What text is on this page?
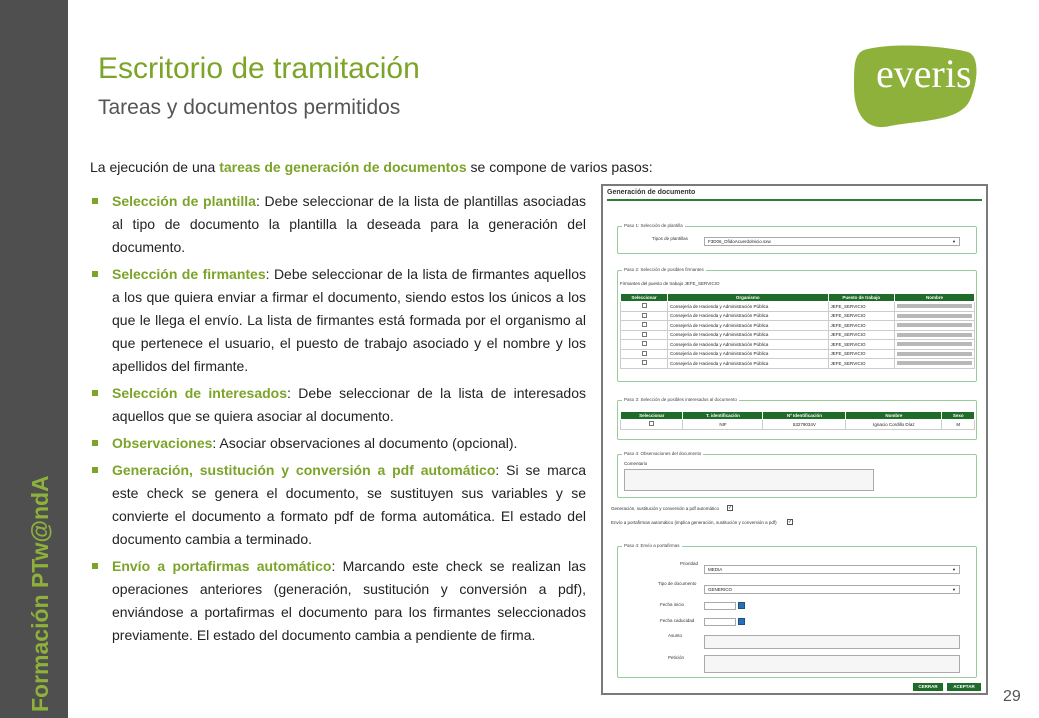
Formación PTw@ndA
Escritorio de tramitación
Tareas y documentos permitidos
everis
La ejecución de una tareas de generación de documentos se compone de varios pasos:
Selección de plantilla: Debe seleccionar de la lista de plantillas asociadas al tipo de documento la plantilla la deseada para la generación del documento.
Selección de firmantes: Debe seleccionar de la lista de firmantes aquellos a los que quiera enviar a firmar el documento, siendo estos los únicos a los que le llega el envío. La lista de firmantes está formada por el organismo al que pertenece el usuario, el puesto de trabajo asociado y el nombre y los apellidos del firmante.
Selección de interesados: Debe seleccionar de la lista de interesados aquellos que se quiera asociar al documento.
Observaciones: Asociar observaciones al documento (opcional).
Generación, sustitución y conversión a pdf automático: Si se marca este check se genera el documento, se sustituyen sus variables y se convierte el documento a formato pdf de forma automática. El estado del documento cambia a terminado.
Envío a portafirmas automático: Marcando este check se realizan las operaciones anteriores (generación, sustitución y conversión a pdf), enviándose a portafirmas el documento para los firmantes seleccionados previamente. El estado del documento cambia a pendiente de firma.
29
Generación de documento
Paso 1: Selección de plantilla
Tipos de plantillas
F3D06_OfidoAcuerdolnicio.sxw	▼
Paso 2: Selección de posibles firmantes
Firmantes del puesto de trabajo JEFE_SERVICIO
Seleccionar	Organismo	Puesto de trabajo	Nombre
	Consejería de Hacienda y Administración Pública	JEFE_SERVICIO	

	Consejería de Hacienda y Administración Pública	JEFE_SERVICIO	

	Consejería de Hacienda y Administración Pública	JEFE_SERVICIO	

	Consejería de Hacienda y Administración Pública	JEFE_SERVICIO	

	Consejería de Hacienda y Administración Pública	JEFE_SERVICIO	

	Consejería de Hacienda y Administración Pública	JEFE_SERVICIO	

	Consejería de Hacienda y Administración Pública	JEFE_SERVICIO	
Paso 3: Selección de posibles interesados al documento
Seleccionar	T. identificación	Nº Identificación	Nombre	Sexo
	NIF	53279034V	Ignacio Cordillo Díaz	M
Paso 4: Observaciones del documento
Comentario
Generación, sustitución y conversión a pdf automático ✓
Envío a portafirmas automático (implica generación, sustitución y conversión a pdf) ✓
Paso 4: Envío a portafirmas
Prioridad
MEDIA	▼
Tipo de documento
GENERICO	▼
Fecha inicio
Fecha caducidad
Asunto
Petición
CERRAR	ACEPTAR
